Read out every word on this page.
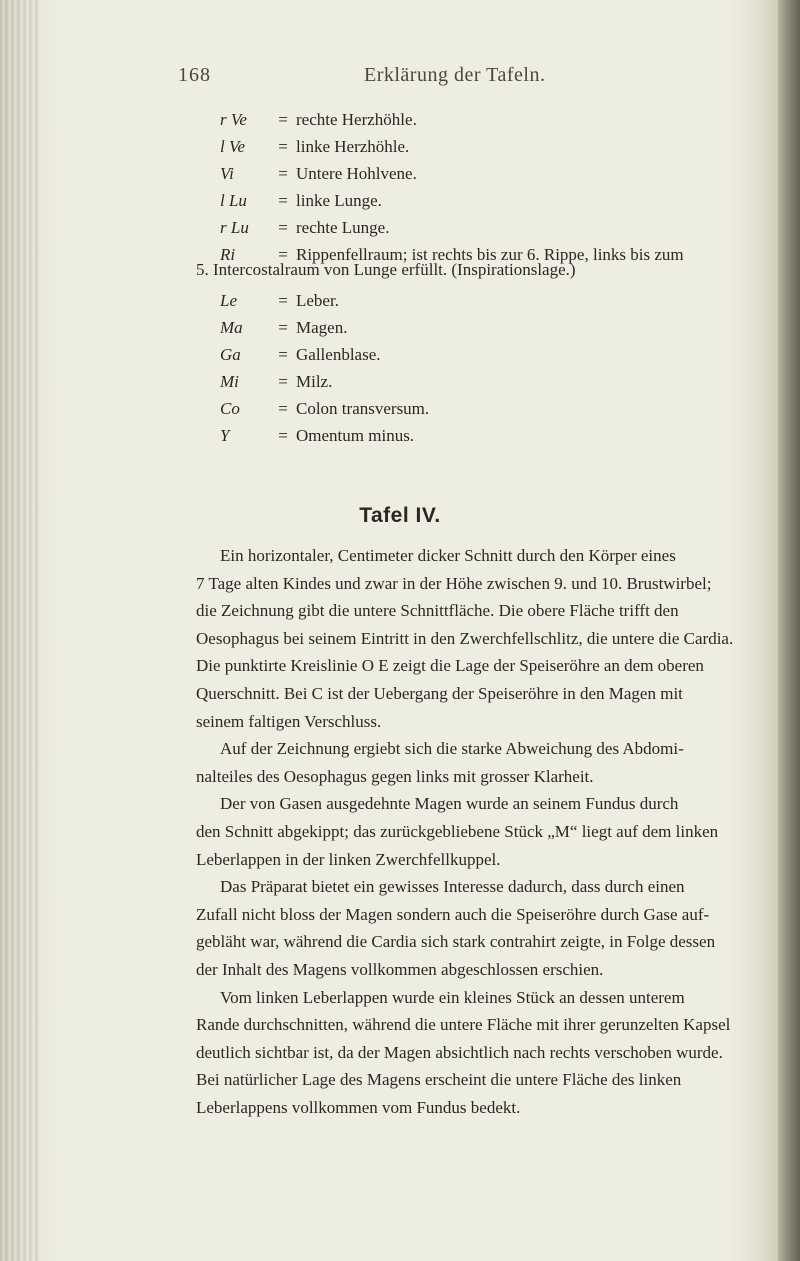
168	Erklärung der Tafeln.
r Ve = rechte Herzhöhle.
l Ve = linke Herzhöhle.
Vi	= Untere Hohlvene.
l Lu = linke Lunge.
r Lu = rechte Lunge.
Ri	= Rippenfellraum; ist rechts bis zur 6. Rippe, links bis zum
5. Intercostalraum von Lunge erfüllt. (Inspirationslage.)
Le = Leber.
Ma = Magen.
Ga = Gallenblase.
Mi = Milz.
Co = Colon transversum.
Y	= Omentum minus.
Tafel IV.

Ein horizontaler, Centimeter dicker Schnitt durch den Körper eines
7 Tage alten Kindes und zwar in der Höhe zwischen 9. und 10. Brustwirbel;
die Zeichnung gibt die untere Schnittfläche. Die obere Fläche trifft den
Oesophagus bei seinem Eintritt in den Zwerchfellschlitz, die untere die Cardia.
Die punktirte Kreislinie O E zeigt die Lage der Speiseröhre an dem oberen
Querschnitt. Bei C ist der Uebergang der Speiseröhre in den Magen mit
seinem faltigen Verschluss.

Auf der Zeichnung ergiebt sich die starke Abweichung des Abdomi-
nalteiles des Oesophagus gegen links mit grosser Klarheit.

Der von Gasen ausgedehnte Magen wurde an seinem Fundus durch
den Schnitt abgekippt; das zurückgebliebene Stück „M“ liegt auf dem linken
Leberlappen in der linken Zwerchfellkuppel.

Das Präparat bietet ein gewisses Interesse dadurch, dass durch einen
Zufall nicht bloss der Magen sondern auch die Speiseröhre durch Gase auf-
gebläht war, während die Cardia sich stark contrahirt zeigte, in Folge dessen
der Inhalt des Magens vollkommen abgeschlossen erschien.

Vom linken Leberlappen wurde ein kleines Stück an dessen unterem
Rande durchschnitten, während die untere Fläche mit ihrer gerunzelten Kapsel
deutlich sichtbar ist, da der Magen absichtlich nach rechts verschoben wurde.
Bei natürlicher Lage des Magens erscheint die untere Fläche des linken
Leberlappens vollkommen vom Fundus bedekt.
